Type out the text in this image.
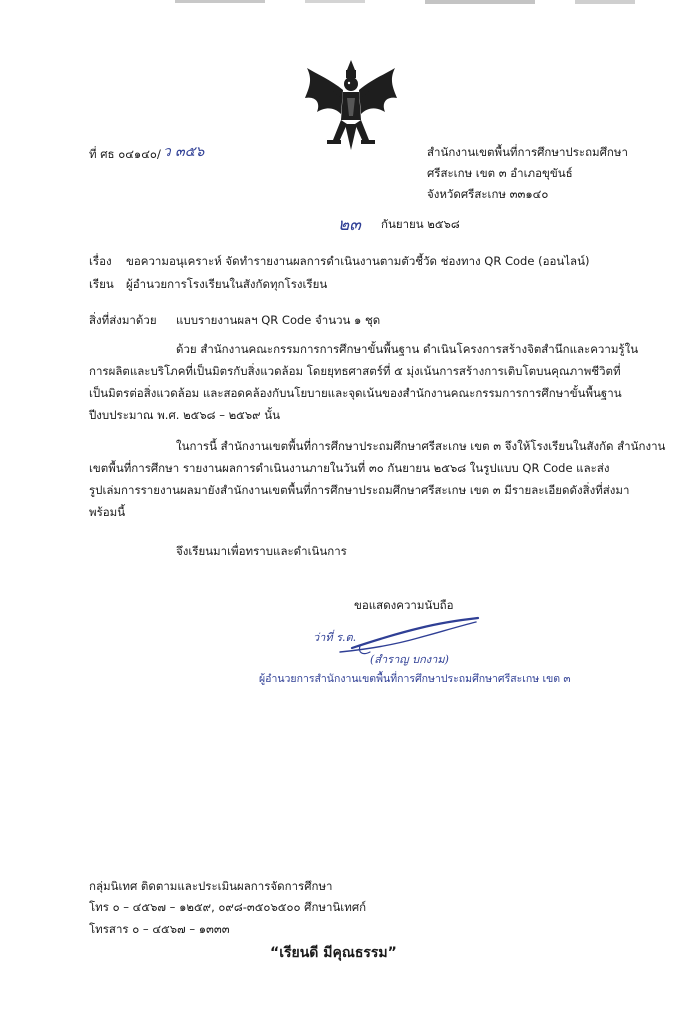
ที่ ศธ ๐๔๑๔๐/ ว ๓๕๖	สำนักงานเขตพื้นที่การศึกษาประถมศึกษา
ศรีสะเกษ เขต ๓ อำเภอขุขันธ์
จังหวัดศรีสะเกษ ๓๓๑๔๐
๒๓ กันยายน ๒๕๖๘
เรื่อง ขอความอนุเคราะห์ จัดทำรายงานผลการดำเนินงานตามตัวชี้วัด ช่องทาง QR Code (ออนไลน์)
เรียน ผู้อำนวยการโรงเรียนในสังกัดทุกโรงเรียน
สิ่งที่ส่งมาด้วย แบบรายงานผลฯ QR Code จำนวน ๑ ชุด
ด้วย สำนักงานคณะกรรมการการศึกษาขั้นพื้นฐาน ดำเนินโครงการสร้างจิตสำนึกและความรู้ใน
การผลิตและบริโภคที่เป็นมิตรกับสิ่งแวดล้อม โดยยุทธศาสตร์ที่ ๕ มุ่งเน้นการสร้างการเติบโตบนคุณภาพชีวิตที่
เป็นมิตรต่อสิ่งแวดล้อม และสอดคล้องกับนโยบายและจุดเน้นของสำนักงานคณะกรรมการการศึกษาขั้นพื้นฐาน
ปีงบประมาณ พ.ศ. ๒๕๖๘ – ๒๕๖๙ นั้น
ในการนี้ สำนักงานเขตพื้นที่การศึกษาประถมศึกษาศรีสะเกษ เขต ๓ จึงให้โรงเรียนในสังกัด สำนักงาน
เขตพื้นที่การศึกษา รายงานผลการดำเนินงานภายในวันที่ ๓๐ กันยายน ๒๕๖๘ ในรูปแบบ QR Code และส่ง
รูปเล่มการรายงานผลมายังสำนักงานเขตพื้นที่การศึกษาประถมศึกษาศรีสะเกษ เขต ๓ มีรายละเอียดดังสิ่งที่ส่งมา
พร้อมนี้
จึงเรียนมาเพื่อทราบและดำเนินการ
ขอแสดงความนับถือ
ว่าที่ ร.ต.
(สำราญ บกงาม)
ผู้อำนวยการสำนักงานเขตพื้นที่การศึกษาประถมศึกษาศรีสะเกษ เขต ๓
กลุ่มนิเทศ ติดตามและประเมินผลการจัดการศึกษา
โทร ๐ – ๔๕๖๗ – ๑๒๕๙, ๐๙๘-๓๕๐๖๕๐๐ ศึกษานิเทศก์
โทรสาร ๐ – ๔๕๖๗ – ๑๓๓๓
“เรียนดี มีคุณธรรม”
